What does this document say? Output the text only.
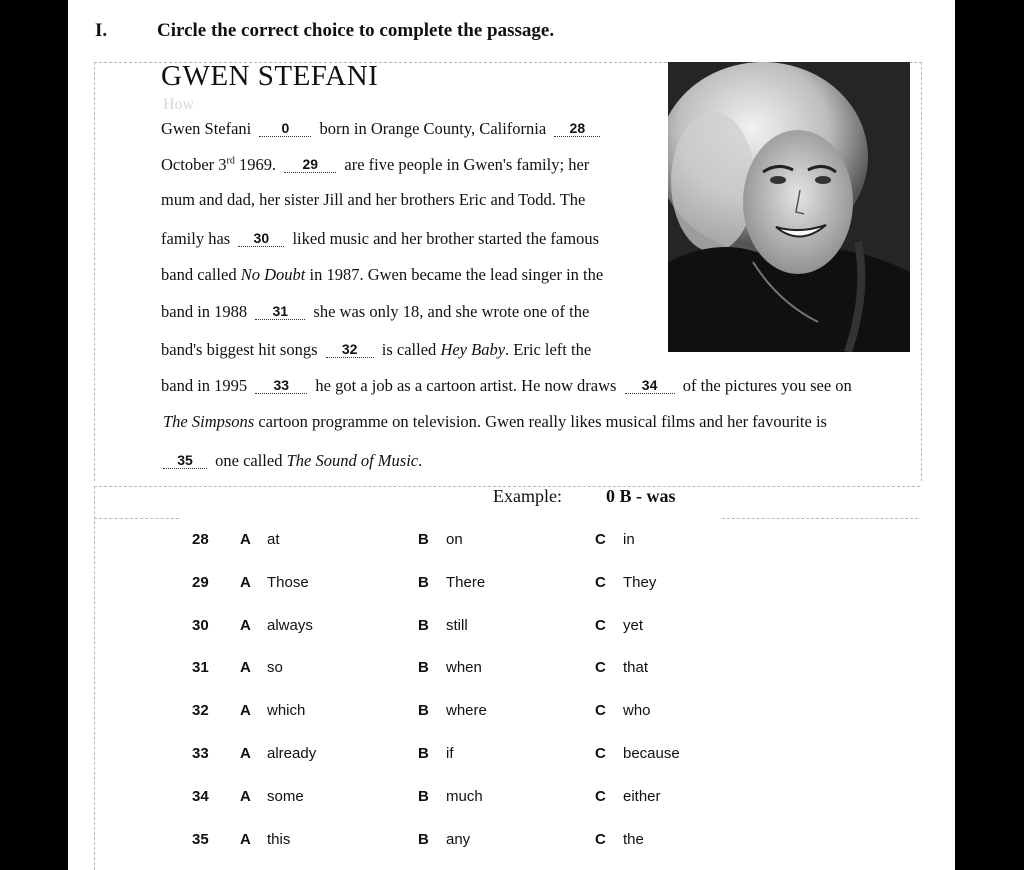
I.	Circle the correct choice to complete the passage.
GWEN STEFANI
How
Gwen Stefani 0 born in Orange County, California 28
October 3rd 1969. 29 are five people in Gwen's family; her
mum and dad, her sister Jill and her brothers Eric and Todd. The
family has 30 liked music and her brother started the famous
band called No Doubt in 1987. Gwen became the lead singer in the
band in 1988 31 she was only 18, and she wrote one of the
band's biggest hit songs 32 is called Hey Baby. Eric left the
band in 1995 33 he got a job as a cartoon artist. He now draws 34 of the pictures you see on
The Simpsons cartoon programme on television. Gwen really likes musical films and her favourite is
35 one called The Sound of Music.
Example: 0 B - was
28 A at	B on	C in
29 A Those	B There	C They
30 A always	B still	C yet
31 A so	B when	C that
32 A which	B where	C who
33 A already	B if	C because
34 A some	B much	C either
35 A this	B any	C the
